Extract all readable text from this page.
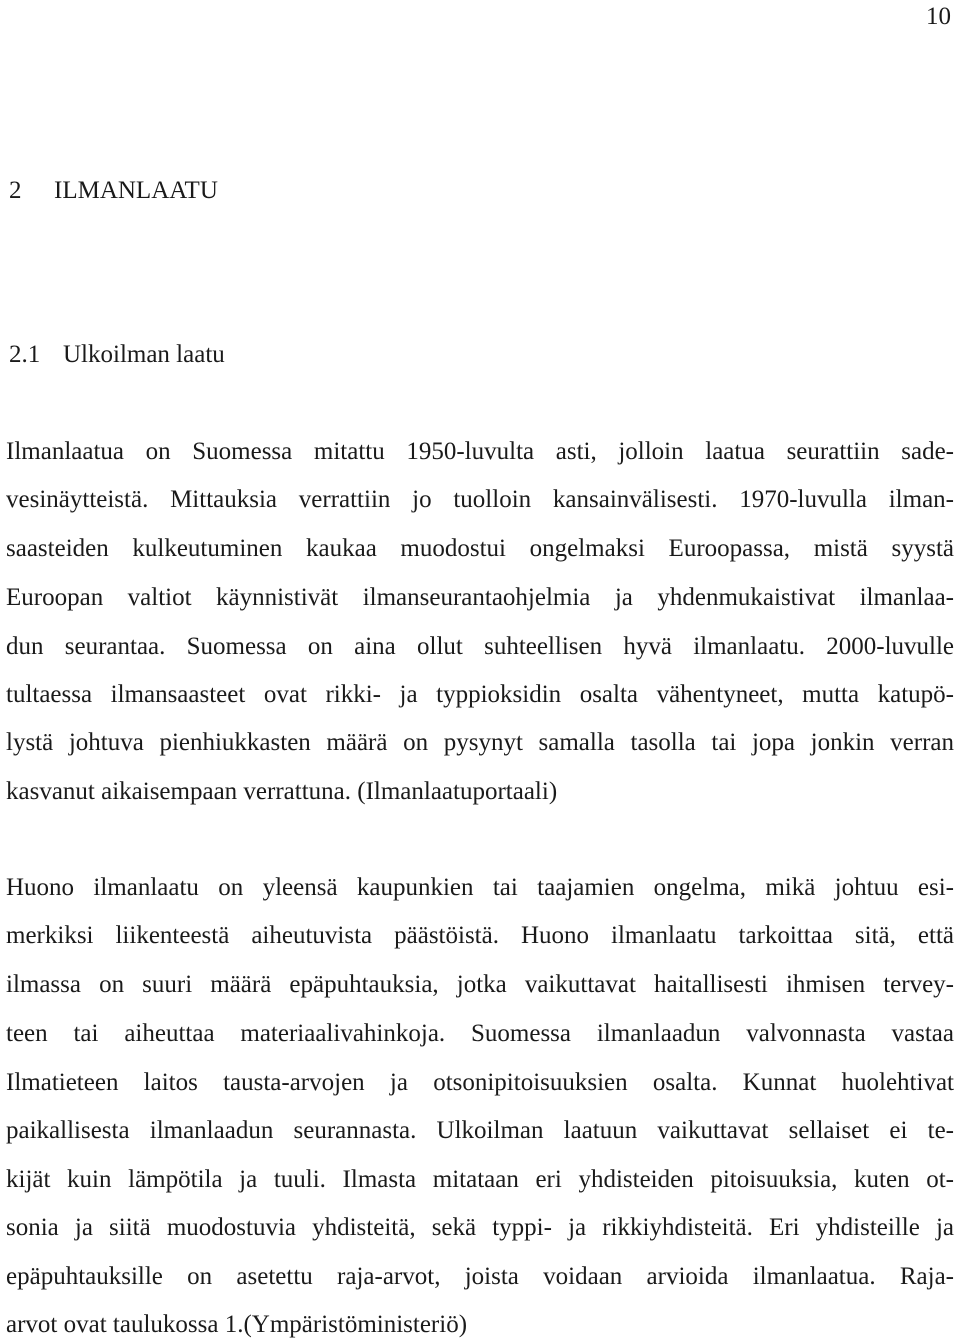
10
2 ILMANLAATU
2.1 Ulkoilman laatu
Ilmanlaatua on Suomessa mitattu 1950-luvulta asti, jolloin laatua seurattiin sade-
vesinäytteistä. Mittauksia verrattiin jo tuolloin kansainvälisesti. 1970-luvulla ilman-
saasteiden kulkeutuminen kaukaa muodostui ongelmaksi Euroopassa, mistä syystä
Euroopan valtiot käynnistivät ilmanseurantaohjelmia ja yhdenmukaistivat ilmanlaa-
dun seurantaa. Suomessa on aina ollut suhteellisen hyvä ilmanlaatu. 2000-luvulle
tultaessa ilmansaasteet ovat rikki- ja typpioksidin osalta vähentyneet, mutta katupö-
lystä johtuva pienhiukkasten määrä on pysynyt samalla tasolla tai jopa jonkin verran
kasvanut aikaisempaan verrattuna. (Ilmanlaatuportaali)
Huono ilmanlaatu on yleensä kaupunkien tai taajamien ongelma, mikä johtuu esi-
merkiksi liikenteestä aiheutuvista päästöistä. Huono ilmanlaatu tarkoittaa sitä, että
ilmassa on suuri määrä epäpuhtauksia, jotka vaikuttavat haitallisesti ihmisen tervey-
teen tai aiheuttaa materiaalivahinkoja. Suomessa ilmanlaadun valvonnasta vastaa
Ilmatieteen laitos tausta-arvojen ja otsonipitoisuuksien osalta. Kunnat huolehtivat
paikallisesta ilmanlaadun seurannasta. Ulkoilman laatuun vaikuttavat sellaiset ei te-
kijät kuin lämpötila ja tuuli. Ilmasta mitataan eri yhdisteiden pitoisuuksia, kuten ot-
sonia ja siitä muodostuvia yhdisteitä, sekä typpi- ja rikkiyhdisteitä. Eri yhdisteille ja
epäpuhtauksille on asetettu raja-arvot, joista voidaan arvioida ilmanlaatua. Raja-
arvot ovat taulukossa 1.(Ympäristöministeriö)
